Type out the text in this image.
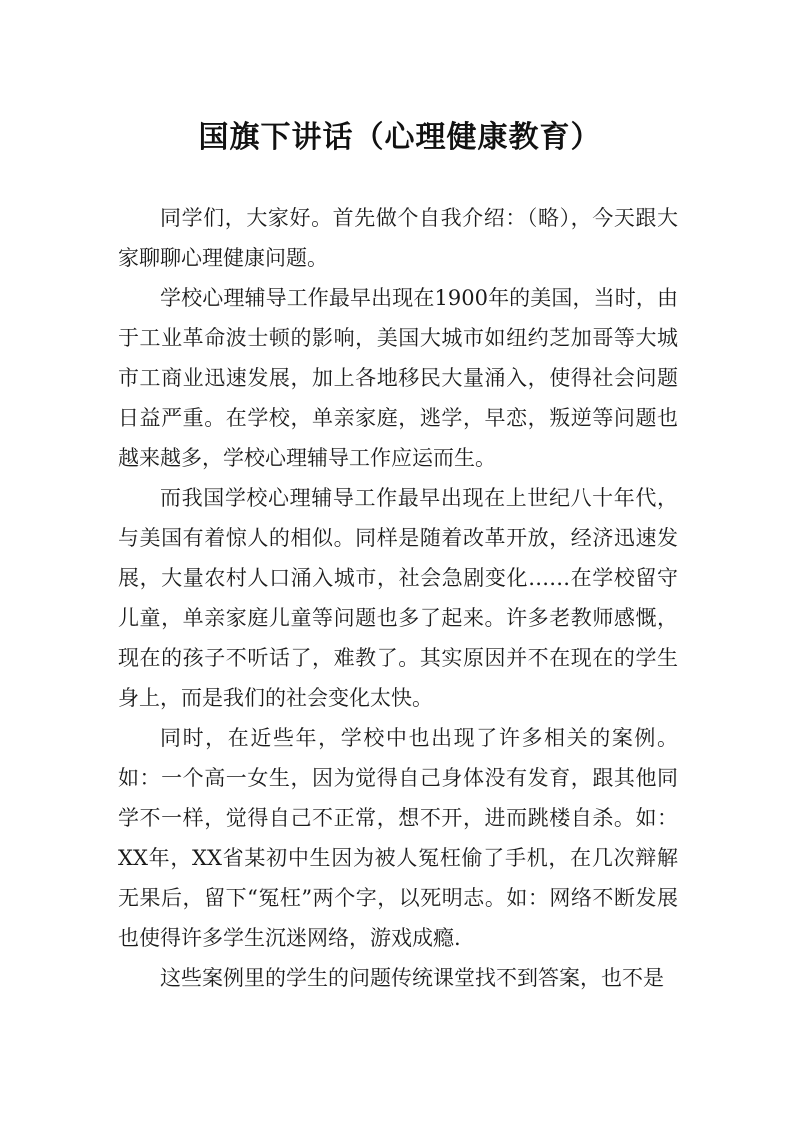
国旗下讲话（心理健康教育）

同学们，大家好。首先做个自我介绍：（略），今天跟大家聊聊心理健康问题。

学校心理辅导工作最早出现在1900年的美国，当时，由于工业革命波士顿的影响，美国大城市如纽约芝加哥等大城市工商业迅速发展，加上各地移民大量涌入，使得社会问题日益严重。在学校，单亲家庭，逃学，早恋，叛逆等问题也越来越多，学校心理辅导工作应运而生。

而我国学校心理辅导工作最早出现在上世纪八十年代，与美国有着惊人的相似。同样是随着改革开放，经济迅速发展，大量农村人口涌入城市，社会急剧变化……在学校留守儿童，单亲家庭儿童等问题也多了起来。许多老教师感慨，现在的孩子不听话了，难教了。其实原因并不在现在的学生身上，而是我们的社会变化太快。

同时，在近些年，学校中也出现了许多相关的案例。如：一个高一女生，因为觉得自己身体没有发育，跟其他同学不一样，觉得自己不正常，想不开，进而跳楼自杀。如：XX年，XX省某初中生因为被人冤枉偷了手机，在几次辩解无果后，留下“冤枉”两个字，以死明志。如：网络不断发展也使得许多学生沉迷网络，游戏成瘾.

这些案例里的学生的问题传统课堂找不到答案，也不是
